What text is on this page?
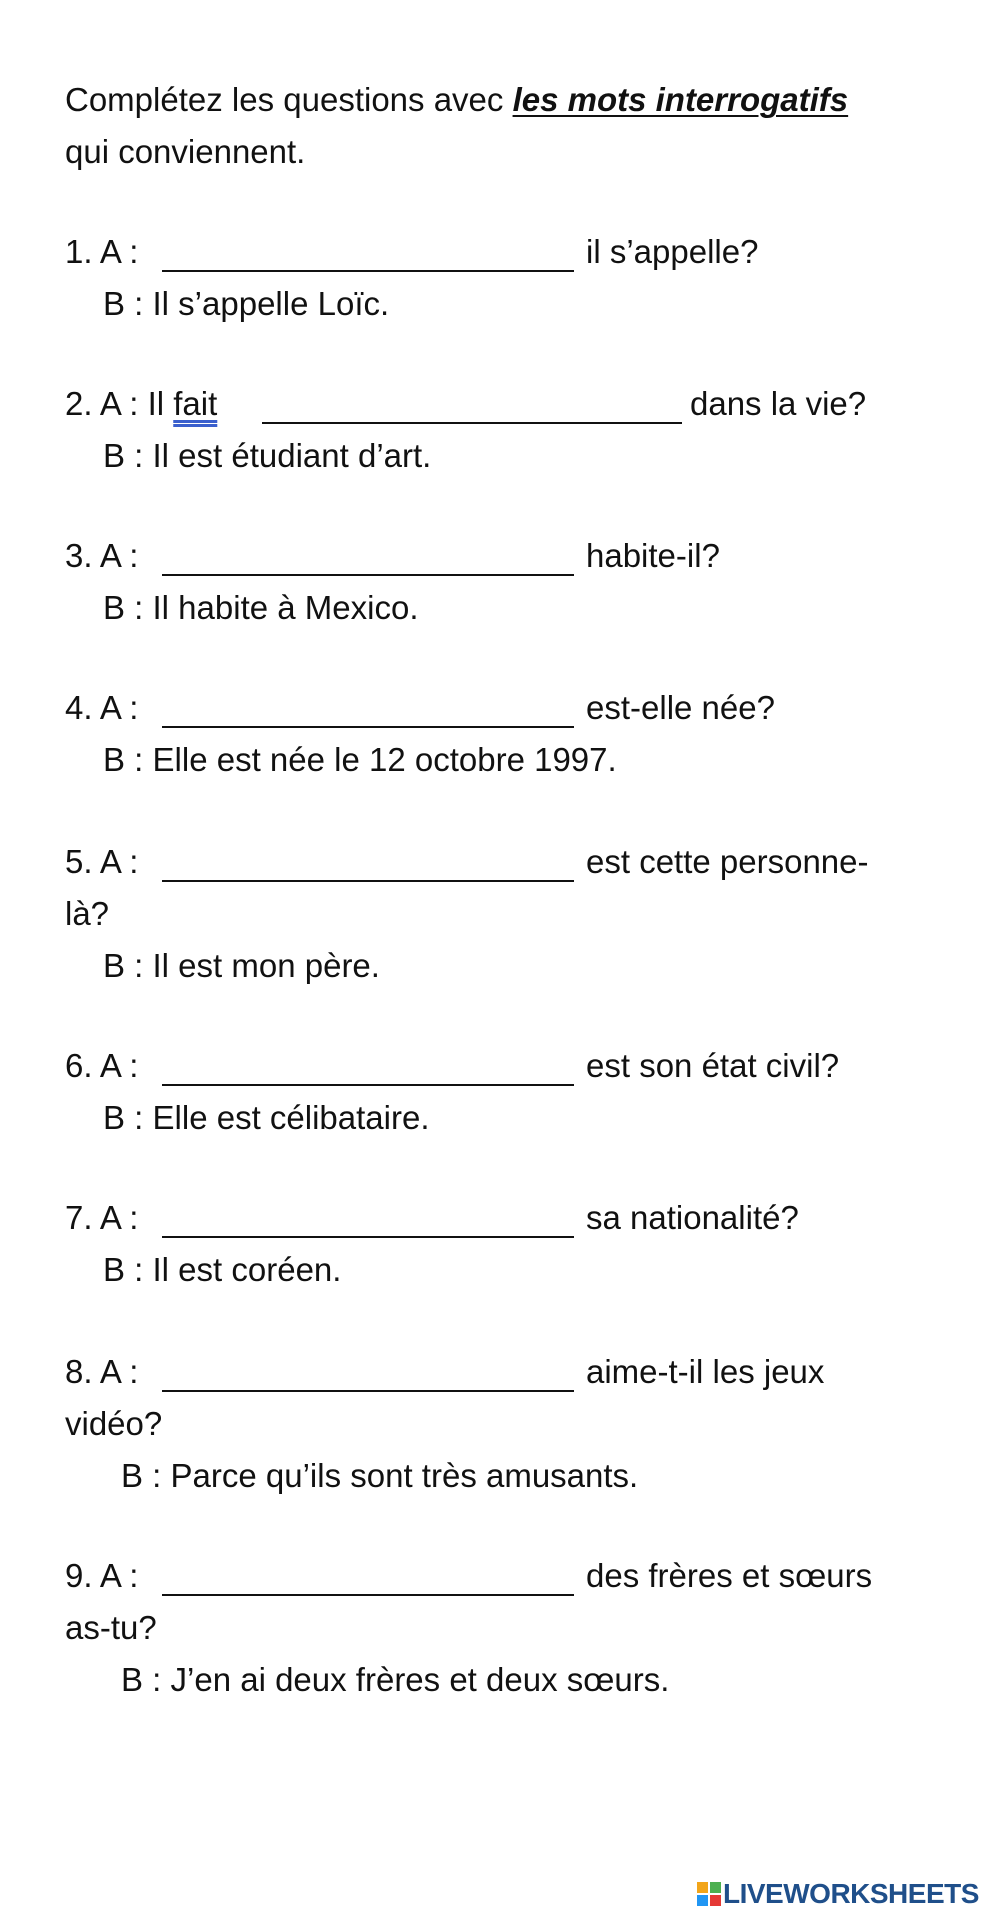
Complétez les questions avec les mots interrogatifs
qui conviennent.
1. A :	il s’appelle?
B : Il s’appelle Loïc.
2. A : Il fait	dans la vie?
B : Il est étudiant d’art.
3. A :	habite-il?
B : Il habite à Mexico.
4. A :	est-elle née?
B : Elle est née le 12 octobre 1997.
5. A :	est cette personne-
là?
B : Il est mon père.
6. A :	est son état civil?
B : Elle est célibataire.
7. A :	sa nationalité?
B : Il est coréen.
8. A :	aime-t-il les jeux
vidéo?
B : Parce qu’ils sont très amusants.
9. A :	des frères et sœurs
as-tu?
B : J’en ai deux frères et deux sœurs.
LIVEWORKSHEETS
